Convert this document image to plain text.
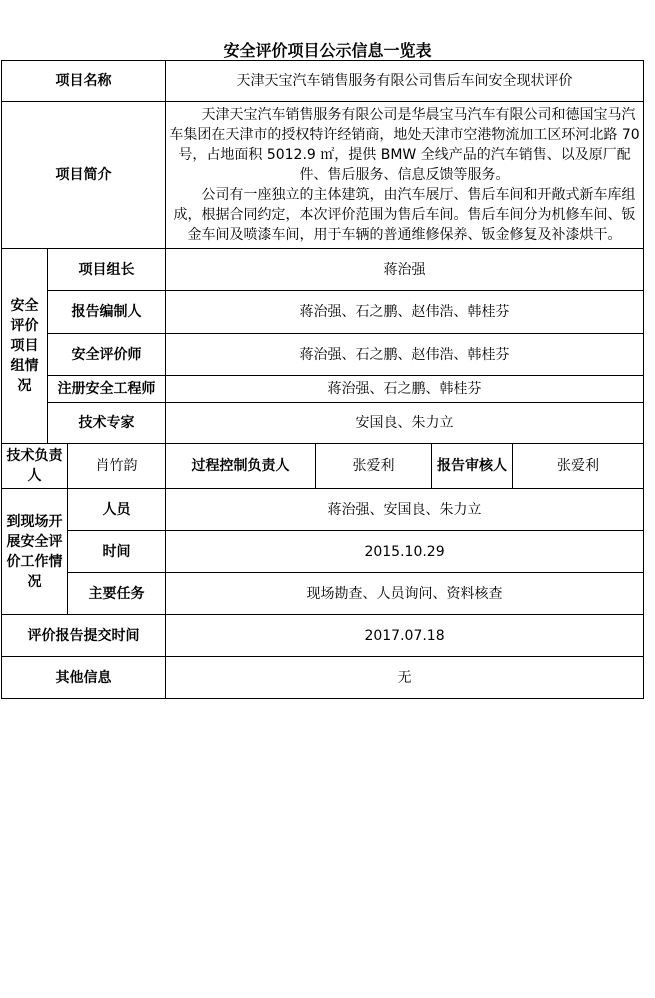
安全评价项目公示信息一览表
项目名称			天津天宝汽车销售服务有限公司售后车间安全现状评价		
项目简介			天津天宝汽车销售服务有限公司是华晨宝马汽车有限公司和德国宝马汽车集团在天津市的授权特许经销商，地处天津市空港物流加工区环河北路 70 号，占地面积 5012.9 ㎡，提供 BMW 全线产品的汽车销售、以及原厂配件、售后服务、信息反馈等服务。

公司有一座独立的主体建筑，由汽车展厅、售后车间和开敞式新车库组成，根据合同约定，本次评价范围为售后车间。售后车间分为机修车间、钣金车间及喷漆车间，用于车辆的普通维修保养、钣金修复及补漆烘干。		

安全评价项目组情况	项目组长		蒋治强		
	报告编制人		蒋治强、石之鹏、赵伟浩、韩桂芬		
	安全评价师		蒋治强、石之鹏、赵伟浩、韩桂芬		
	注册安全工程师		蒋治强、石之鹏、韩桂芬		
	技术专家		安国良、朱力立		
技术负责人		肖竹韵	过程控制负责人	张爱利	报告审核人 张爱利

到现场开展安全评价工作情况		人员	蒋治强、安国良、朱力立		
		时间	2015.10.29		
		主要任务	现场勘查、人员询问、资料核查		
评价报告提交时间			2017.07.18		
其他信息			无		
